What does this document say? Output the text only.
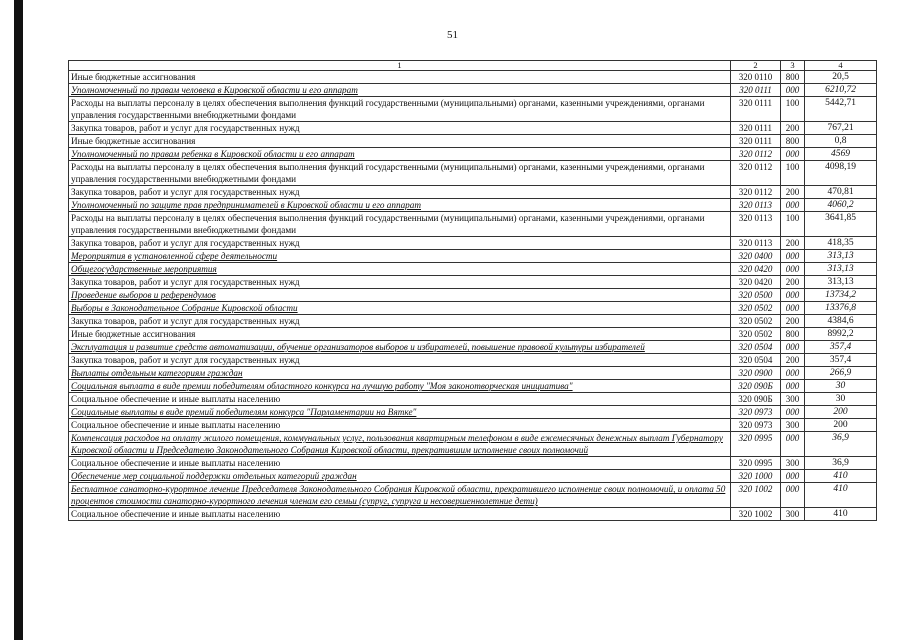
51
1	2	3	4
Иные бюджетные ассигнования	320 0110	800	20,5
Уполномоченный по правам человека в Кировской области и его аппарат	320 0111	000	6210,72
Расходы на выплаты персоналу в целях обеспечения выполнения функций государственными (муниципальными) органами, казенными учреждениями, органами управления государственными внебюджетными фондами	320 0111	100	5442,71
Закупка товаров, работ и услуг для государственных нужд	320 0111	200	767,21
Иные бюджетные ассигнования	320 0111	800	0,8
Уполномоченный по правам ребенка в Кировской области и его аппарат	320 0112	000	4569
Расходы на выплаты персоналу в целях обеспечения выполнения функций государственными (муниципальными) органами, казенными учреждениями, органами управления государственными внебюджетными фондами	320 0112	100	4098,19
Закупка товаров, работ и услуг для государственных нужд	320 0112	200	470,81
Уполномоченный по защите прав предпринимателей в Кировской области и его аппарат	320 0113	000	4060,2
Расходы на выплаты персоналу в целях обеспечения выполнения функций государственными (муниципальными) органами, казенными учреждениями, органами управления государственными внебюджетными фондами	320 0113	100	3641,85
Закупка товаров, работ и услуг для государственных нужд	320 0113	200	418,35
Мероприятия в установленной сфере деятельности	320 0400	000	313,13
Общегосударственные мероприятия	320 0420	000	313,13
Закупка товаров, работ и услуг для государственных нужд	320 0420	200	313,13
Проведение выборов и референдумов	320 0500	000	13734,2
Выборы в Законодательное Собрание Кировской области	320 0502	000	13376,8
Закупка товаров, работ и услуг для государственных нужд	320 0502	200	4384,6
Иные бюджетные ассигнования	320 0502	800	8992,2
Эксплуатация и развитие средств автоматизации, обучение организаторов выборов и избирателей, повышение правовой культуры избирателей	320 0504	000	357,4
Закупка товаров, работ и услуг для государственных нужд	320 0504	200	357,4
Выплаты отдельным категориям граждан	320 0900	000	266,9
Социальная выплата в виде премии победителям областного конкурса на лучшую работу "Моя законотворческая инициатива"	320 090Б	000	30
Социальное обеспечение и иные выплаты населению	320 090Б	300	30
Социальные выплаты в виде премий победителям конкурса "Парламентарии на Вятке"	320 0973	000	200
Социальное обеспечение и иные выплаты населению	320 0973	300	200
Компенсация расходов на оплату жилого помещения, коммунальных услуг, пользования квартирным телефоном в виде ежемесячных денежных выплат Губернатору Кировской области и Председателю Законодательного Собрания Кировской области, прекратившим исполнение своих полномочий	320 0995	000	36,9
Социальное обеспечение и иные выплаты населению	320 0995	300	36,9
Обеспечение мер социальной поддержки отдельных категорий граждан	320 1000	000	410
Бесплатное санаторно-курортное лечение Председателя Законодательного Собрания Кировской области, прекратившего исполнение своих полномочий, и оплата 50 процентов стоимости санаторно-курортного лечения членам его семьи (супруг, супруга и несовершеннолетние дети)	320 1002	000	410
Социальное обеспечение и иные выплаты населению	320 1002	300	410
